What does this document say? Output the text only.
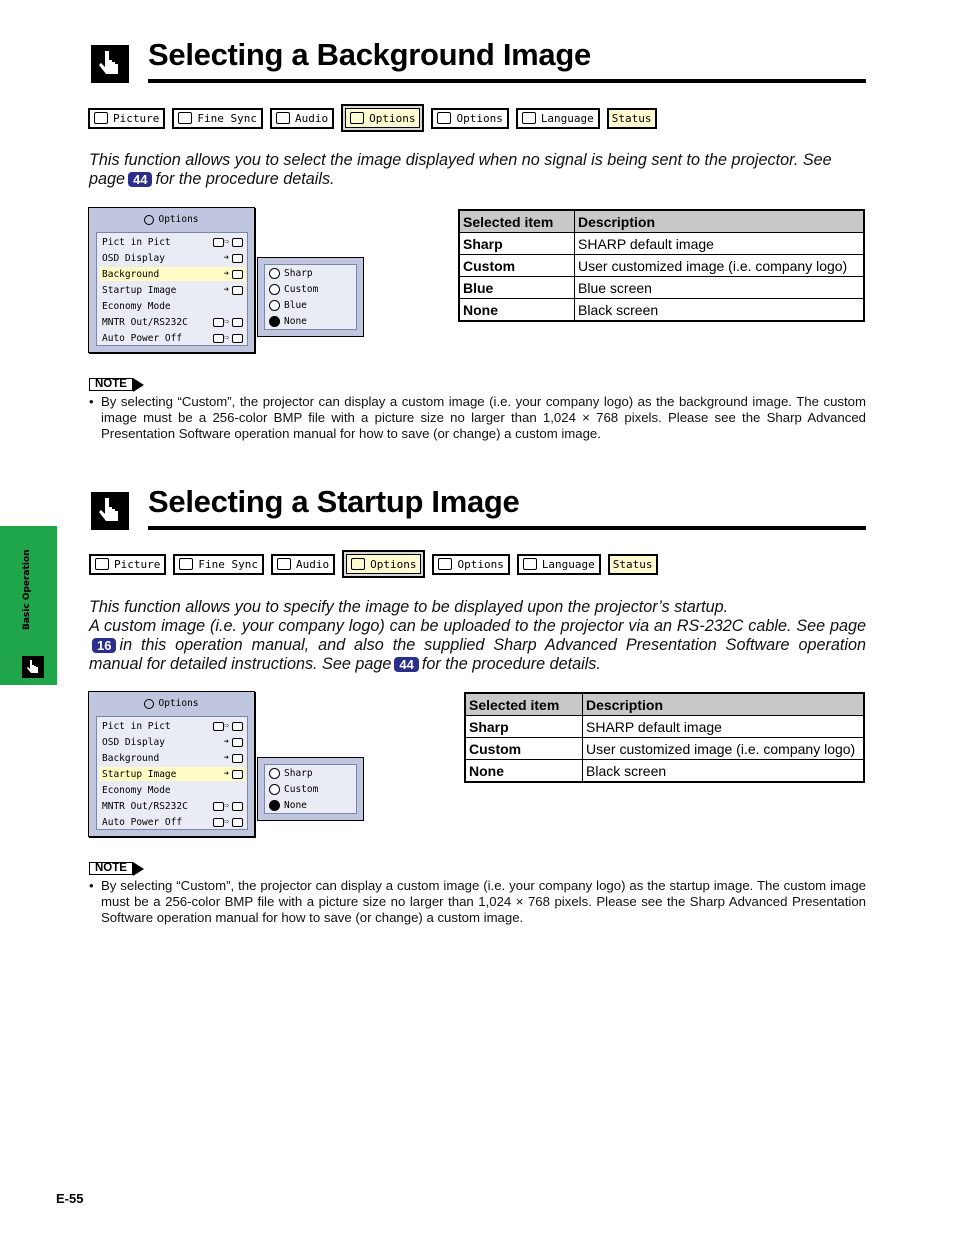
Basic Operation
Selecting a Background Image
Picture	Fine Sync	Audio	Options	Options	Language Status
This function allows you to select the image displayed when no signal is being sent to the projector. See page 44 for the procedure details.
Options
Pict in Pict	⇨
OSD Display	➔
Background	➔
Startup Image	➔
Economy Mode
MNTR Out/RS232C	⇨
Auto Power Off	⇨
Sharp
Custom
Blue
None
Selected item	Description
Sharp	SHARP default image
Custom	User customized image (i.e. company logo)
Blue	Blue screen
None	Black screen
NOTE
• By selecting “Custom”, the projector can display a custom image (i.e. your company logo) as the background image. The custom image must be a 256-color BMP file with a picture size no larger than 1,024 × 768 pixels. Please see the Sharp Advanced Presentation Software operation manual for how to save (or change) a custom image.
Selecting a Startup Image
Picture	Fine Sync	Audio	Options	Options	Language Status
This function allows you to specify the image to be displayed upon the projector’s startup.
A custom image (i.e. your company logo) can be uploaded to the projector via an RS-232C cable. See page16 in this operation manual, and also the supplied Sharp Advanced Presentation Software operation manual for detailed instructions. See page 44 for the procedure details.
Options
Pict in Pict	⇨
OSD Display	➔
Background	➔
Startup Image	➔
Economy Mode
MNTR Out/RS232C	⇨
Auto Power Off	⇨
Sharp
Custom
None
Selected item	Description
Sharp	SHARP default image
Custom	User customized image (i.e. company logo)
None	Black screen
NOTE
• By selecting “Custom”, the projector can display a custom image (i.e. your company logo) as the startup image. The custom image must be a 256-color BMP file with a picture size no larger than 1,024 × 768 pixels. Please see the Sharp Advanced Presentation Software operation manual for how to save (or change) a custom image.
E-55
